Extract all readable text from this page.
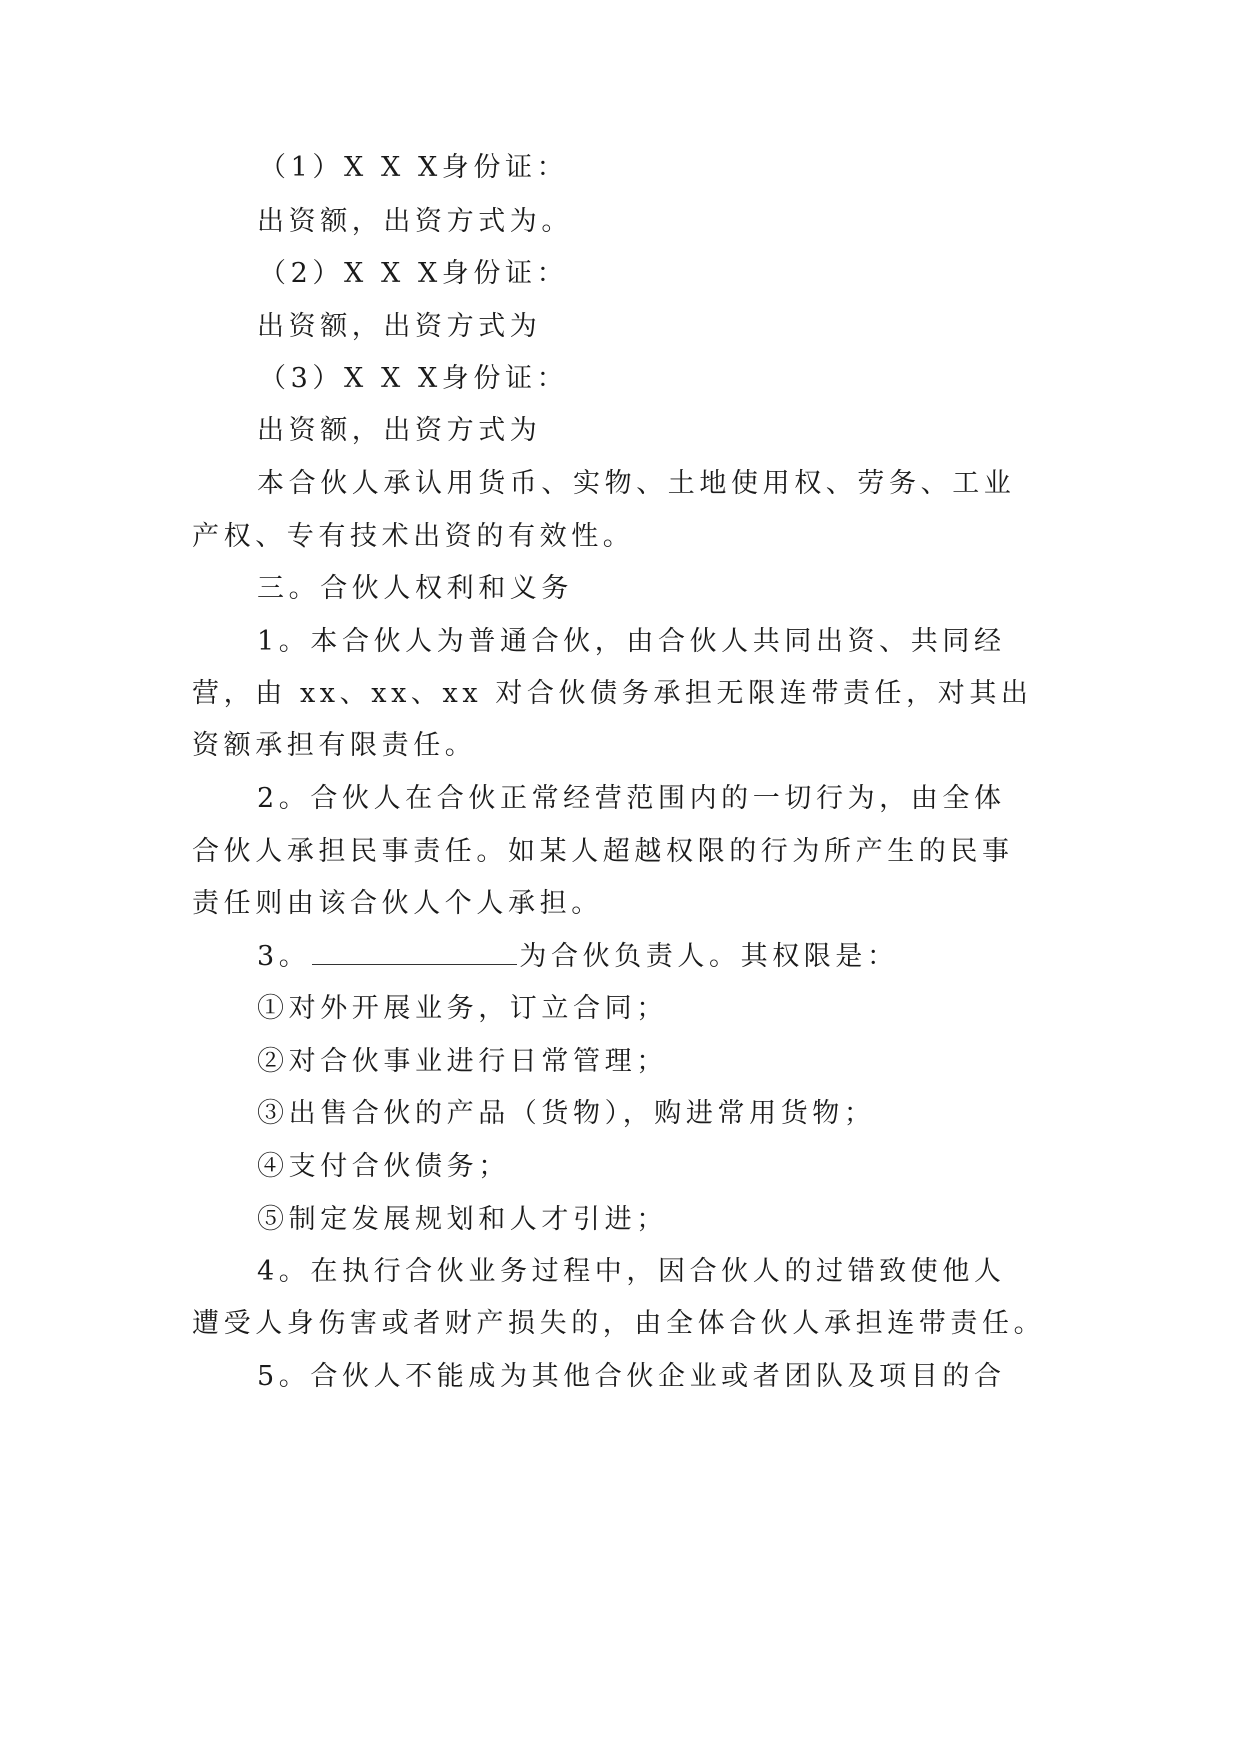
（1）X X X身份证：
出资额，出资方式为。
（2）X X X身份证：
出资额，出资方式为
（3）X X X身份证：
出资额，出资方式为
本合伙人承认用货币、实物、土地使用权、劳务、工业
产权、专有技术出资的有效性。
三。合伙人权利和义务
1。本合伙人为普通合伙，由合伙人共同出资、共同经
营，由 xx、xx、xx 对合伙债务承担无限连带责任，对其出
资额承担有限责任。
2。合伙人在合伙正常经营范围内的一切行为，由全体
合伙人承担民事责任。如某人超越权限的行为所产生的民事
责任则由该合伙人个人承担。
3。	为合伙负责人。其权限是：
①对外开展业务，订立合同；
②对合伙事业进行日常管理；
③出售合伙的产品（货物），购进常用货物；
④支付合伙债务；
⑤制定发展规划和人才引进；
4。在执行合伙业务过程中，因合伙人的过错致使他人
遭受人身伤害或者财产损失的，由全体合伙人承担连带责任。
5。合伙人不能成为其他合伙企业或者团队及项目的合
